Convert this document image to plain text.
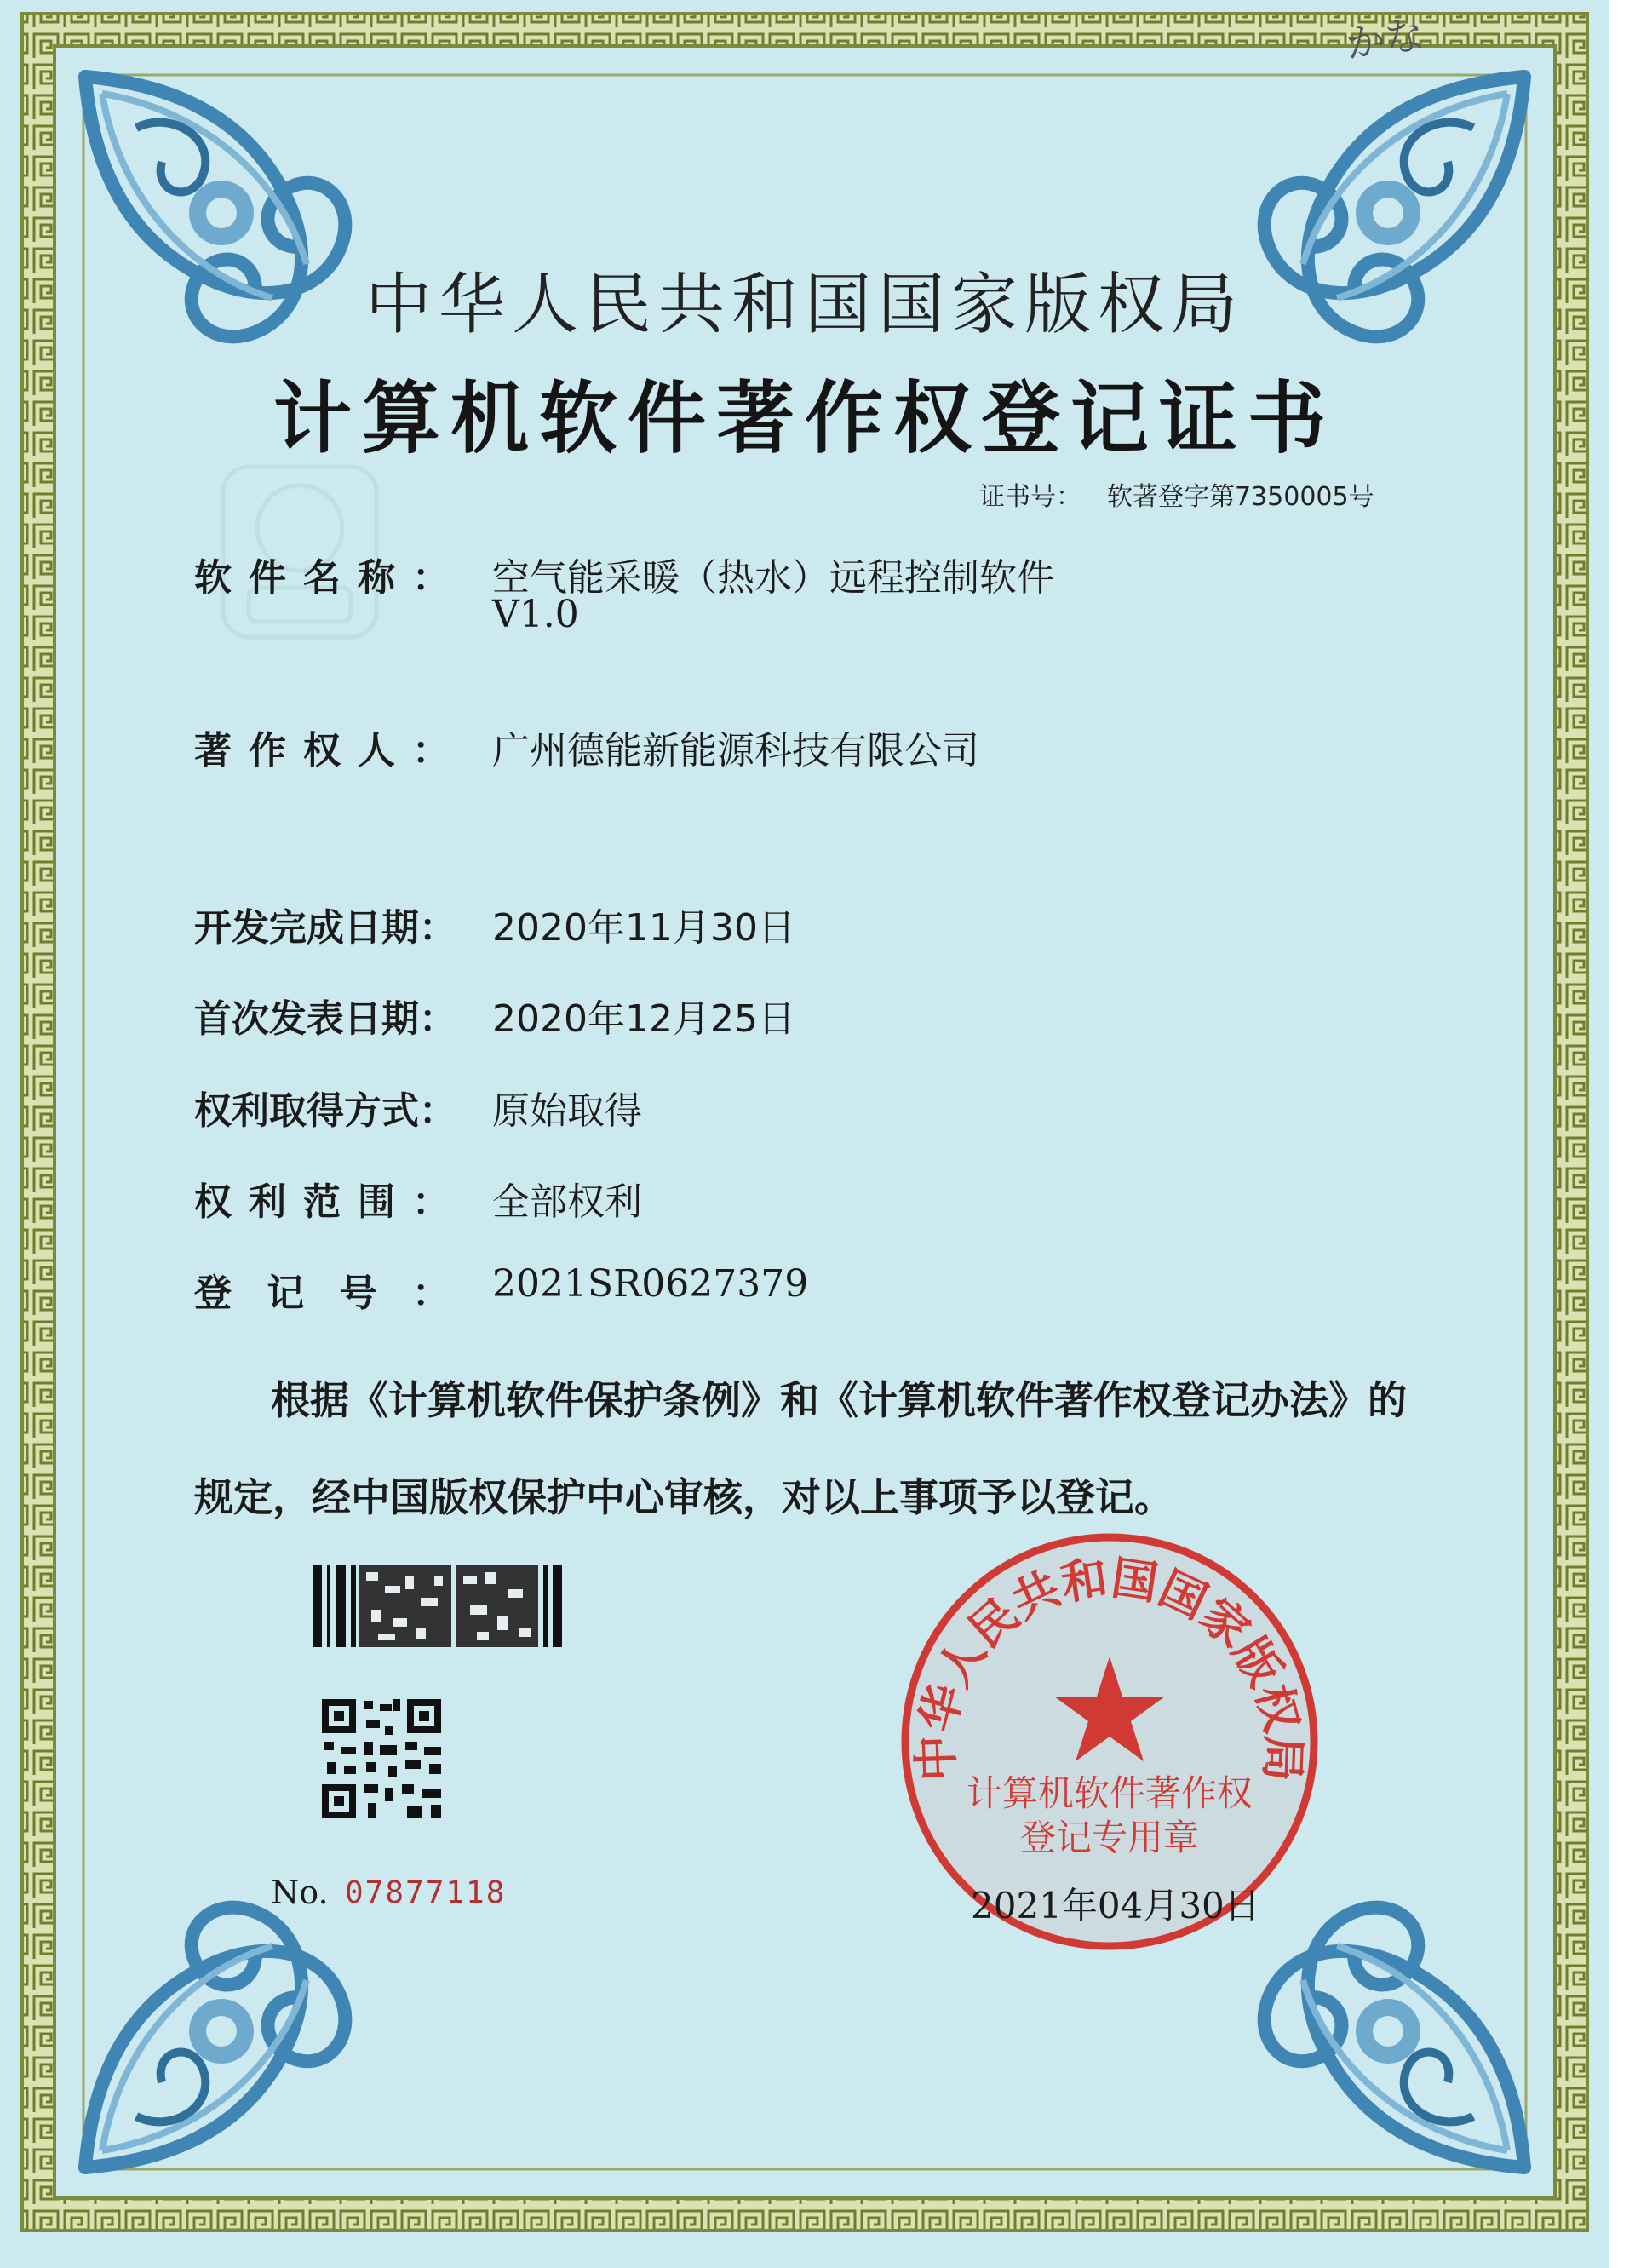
中华人民共和国国家版权局
计算机软件著作权
登记专用章
かな
中华人民共和国国家版权局
计算机软件著作权登记证书
证书号： 软著登字第7350005号
软件名称： 空气能采暖（热水）远程控制软件
V1.0
著作权人： 广州德能新能源科技有限公司
开发完成日期： 2020年11月30日
首次发表日期： 2020年12月25日
权利取得方式： 原始取得
权利范围： 全部权利
登记号： 2021SR0627379
根据《计算机软件保护条例》和《计算机软件著作权登记办法》的
规定，经中国版权保护中心审核，对以上事项予以登记。
No. 07877118	2021年04月30日
